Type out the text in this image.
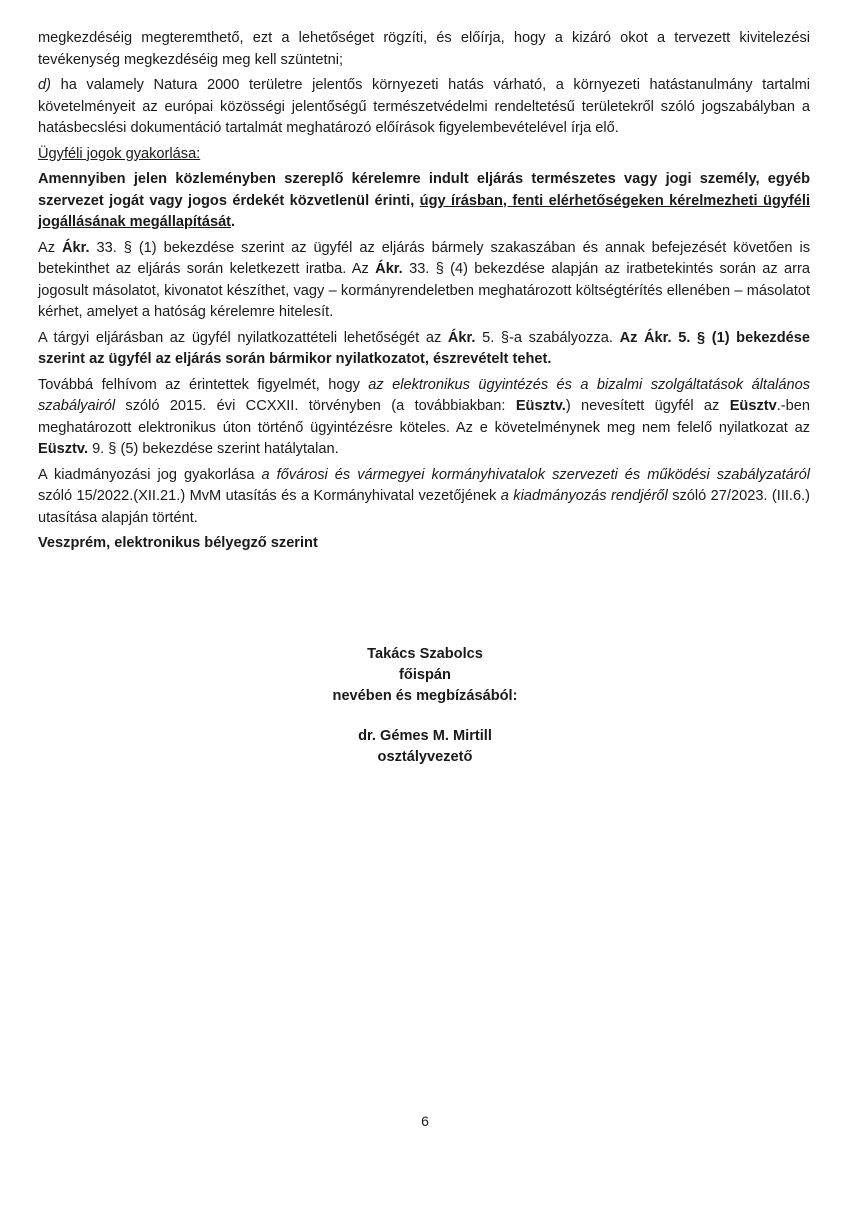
megkezdéséig megteremthető, ezt a lehetőséget rögzíti, és előírja, hogy a kizáró okot a tervezett kivitelezési tevékenység megkezdéséig meg kell szüntetni;

d) ha valamely Natura 2000 területre jelentős környezeti hatás várható, a környezeti hatástanulmány tartalmi követelményeit az európai közösségi jelentőségű természetvédelmi rendeltetésű területekről szóló jogszabályban a hatásbecslési dokumentáció tartalmát meghatározó előírások figyelembevételével írja elő.

Ügyféli jogok gyakorlása:

Amennyiben jelen közleményben szereplő kérelemre indult eljárás természetes vagy jogi személy, egyéb szervezet jogát vagy jogos érdekét közvetlenül érinti, úgy írásban, fenti elérhetőségeken kérelmezheti ügyféli jogállásának megállapítását.

Az Ákr. 33. § (1) bekezdése szerint az ügyfél az eljárás bármely szakaszában és annak befejezését követően is betekinthet az eljárás során keletkezett iratba. Az Ákr. 33. § (4) bekezdése alapján az iratbetekintés során az arra jogosult másolatot, kivonatot készíthet, vagy – kormányrendeletben meghatározott költségtérítés ellenében – másolatot kérhet, amelyet a hatóság kérelemre hitelesít.

A tárgyi eljárásban az ügyfél nyilatkozattételi lehetőségét az Ákr. 5. §-a szabályozza. Az Ákr. 5. § (1) bekezdése szerint az ügyfél az eljárás során bármikor nyilatkozatot, észrevételt tehet.

Továbbá felhívom az érintettek figyelmét, hogy az elektronikus ügyintézés és a bizalmi szolgáltatások általános szabályairól szóló 2015. évi CCXXII. törvényben (a továbbiakban: Eüsztv.) nevesített ügyfél az Eüsztv.-ben meghatározott elektronikus úton történő ügyintézésre köteles. Az e követelménynek meg nem felelő nyilatkozat az Eüsztv. 9. § (5) bekezdése szerint hatálytalan.

A kiadmányozási jog gyakorlása a fővárosi és vármegyei kormányhivatalok szervezeti és működési szabályzatáról szóló 15/2022.(XII.21.) MvM utasítás és a Kormányhivatal vezetőjének a kiadmányozás rendjéről szóló 27/2023. (III.6.) utasítása alapján történt.

Veszprém, elektronikus bélyegző szerint

Takács Szabolcs
főispán
nevében és megbízásából:
dr. Gémes M. Mirtill
osztályvezető
6
